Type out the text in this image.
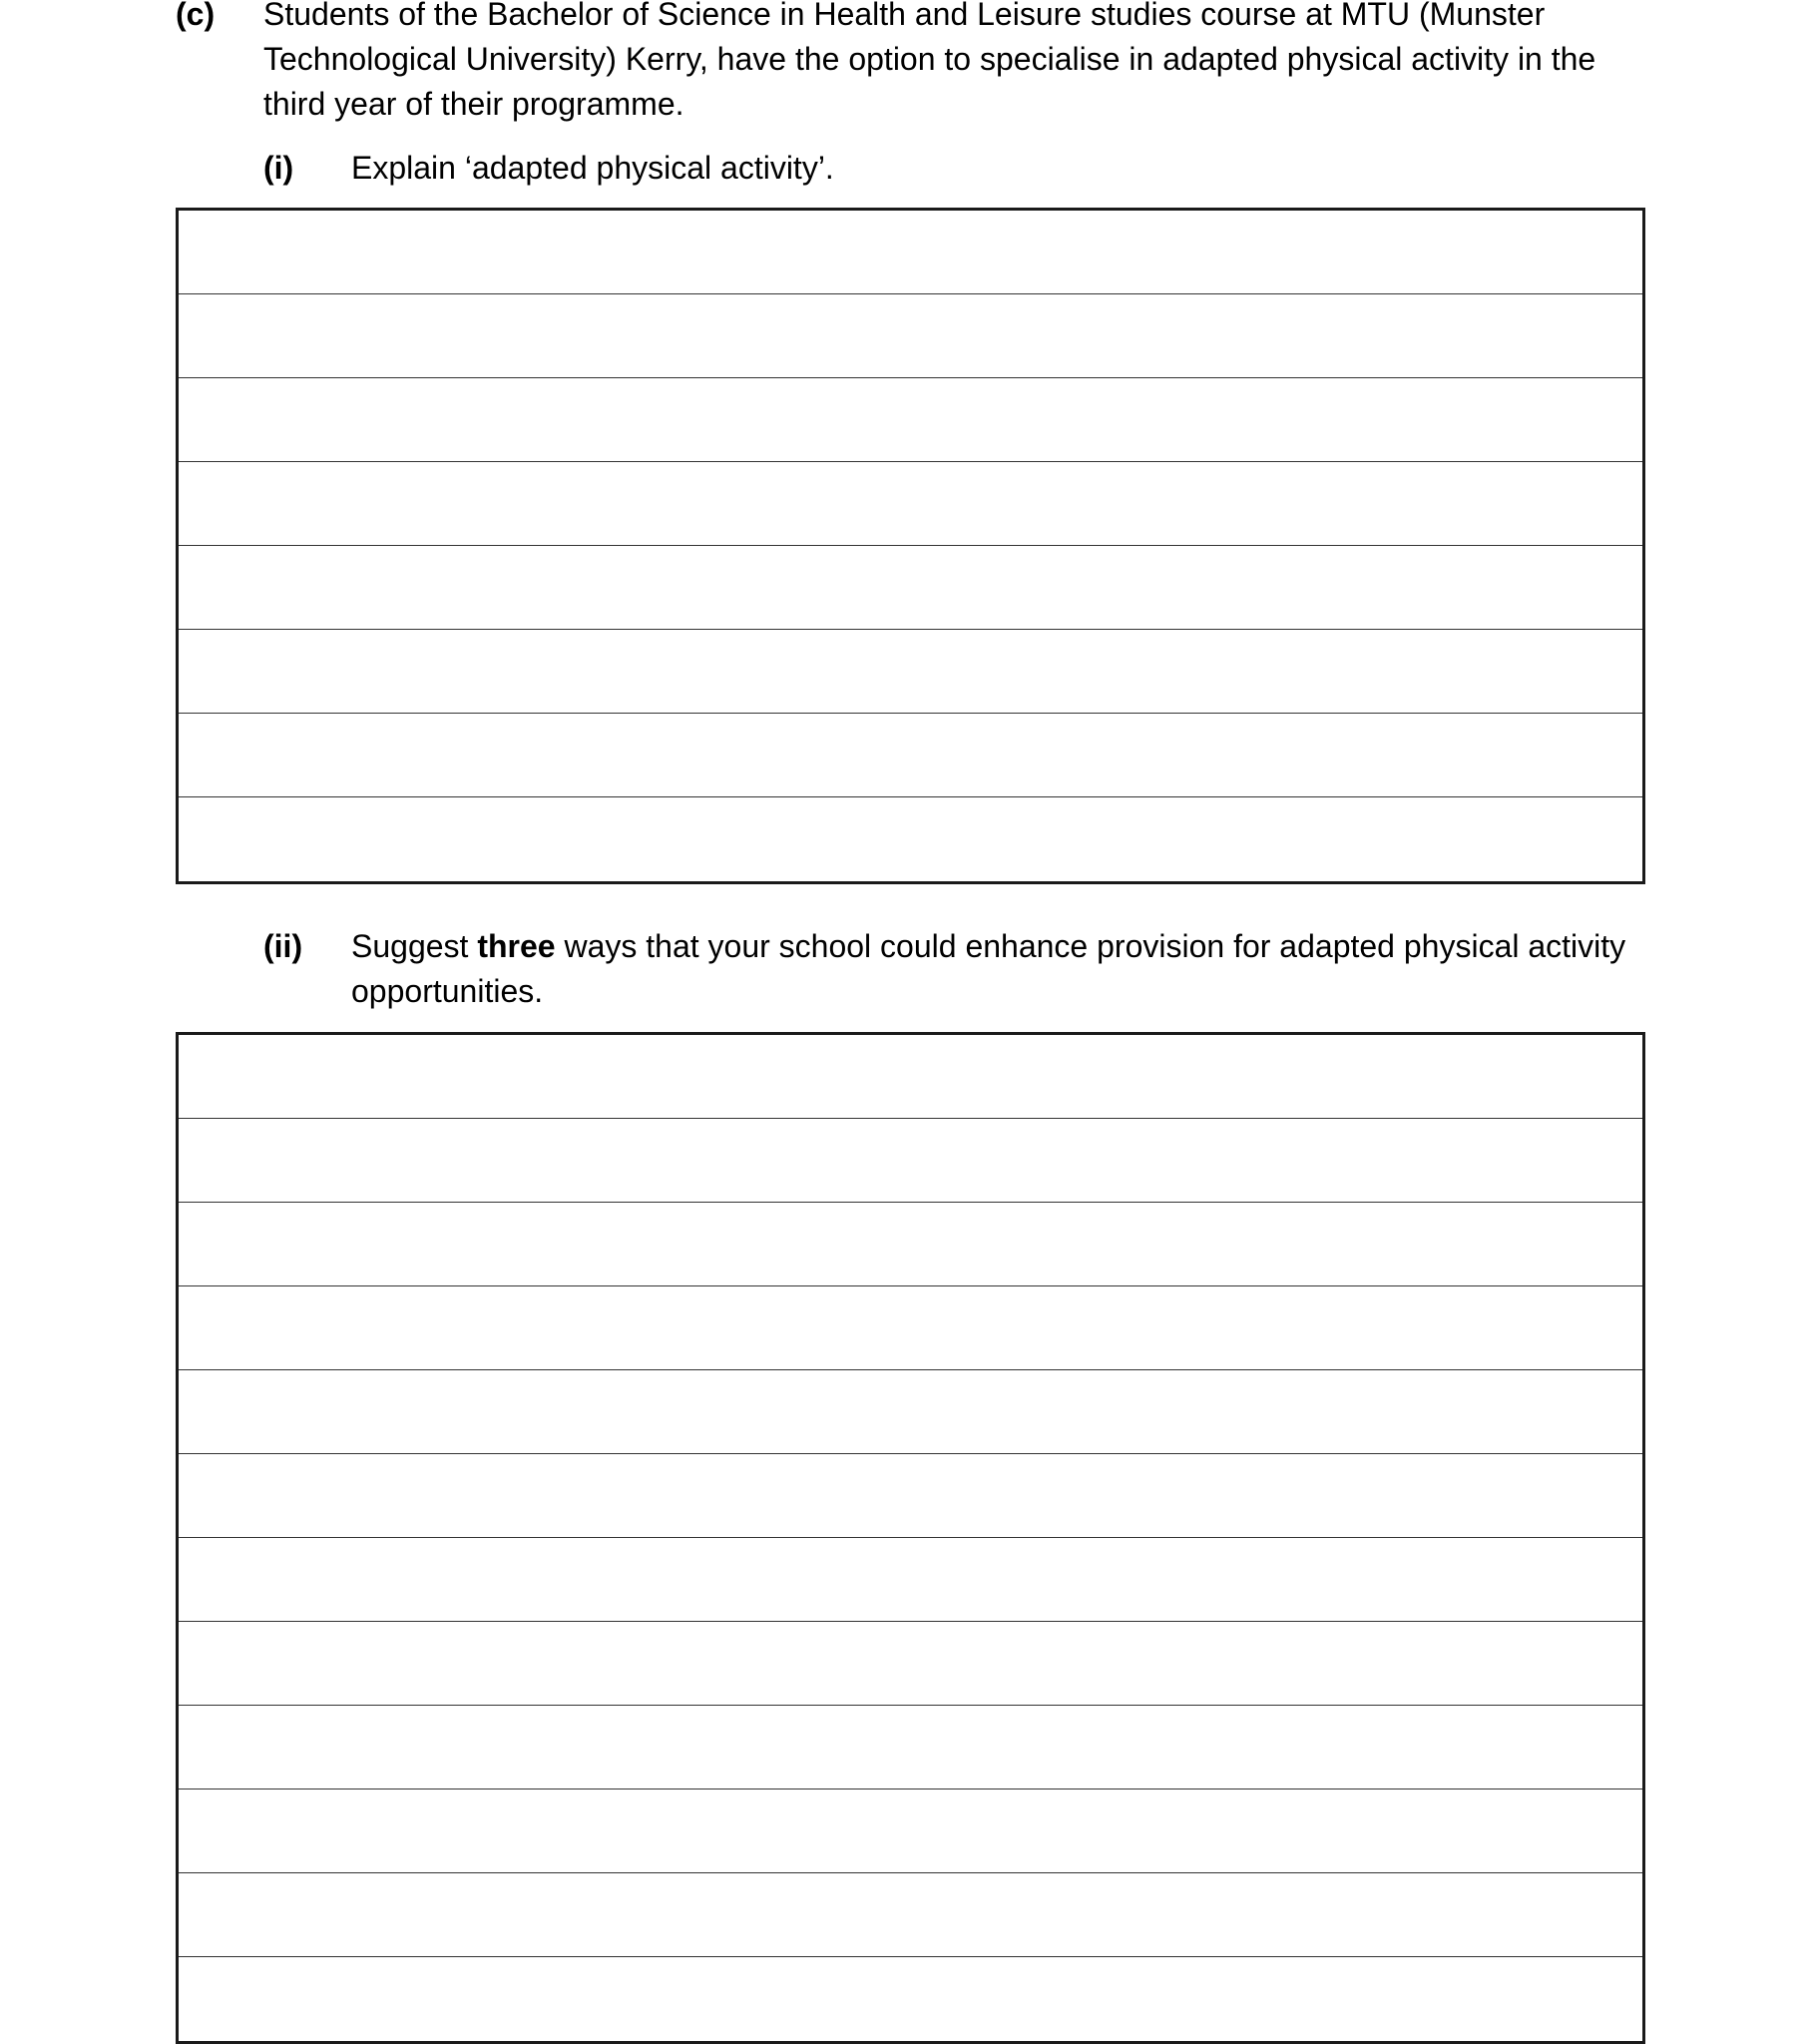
(c) Students of the Bachelor of Science in Health and Leisure studies course at MTU (Munster Technological University) Kerry, have the option to specialise in adapted physical activity in the third year of their programme.
(i) Explain ‘adapted physical activity’.
(ii) Suggest three ways that your school could enhance provision for adapted physical activity opportunities.
